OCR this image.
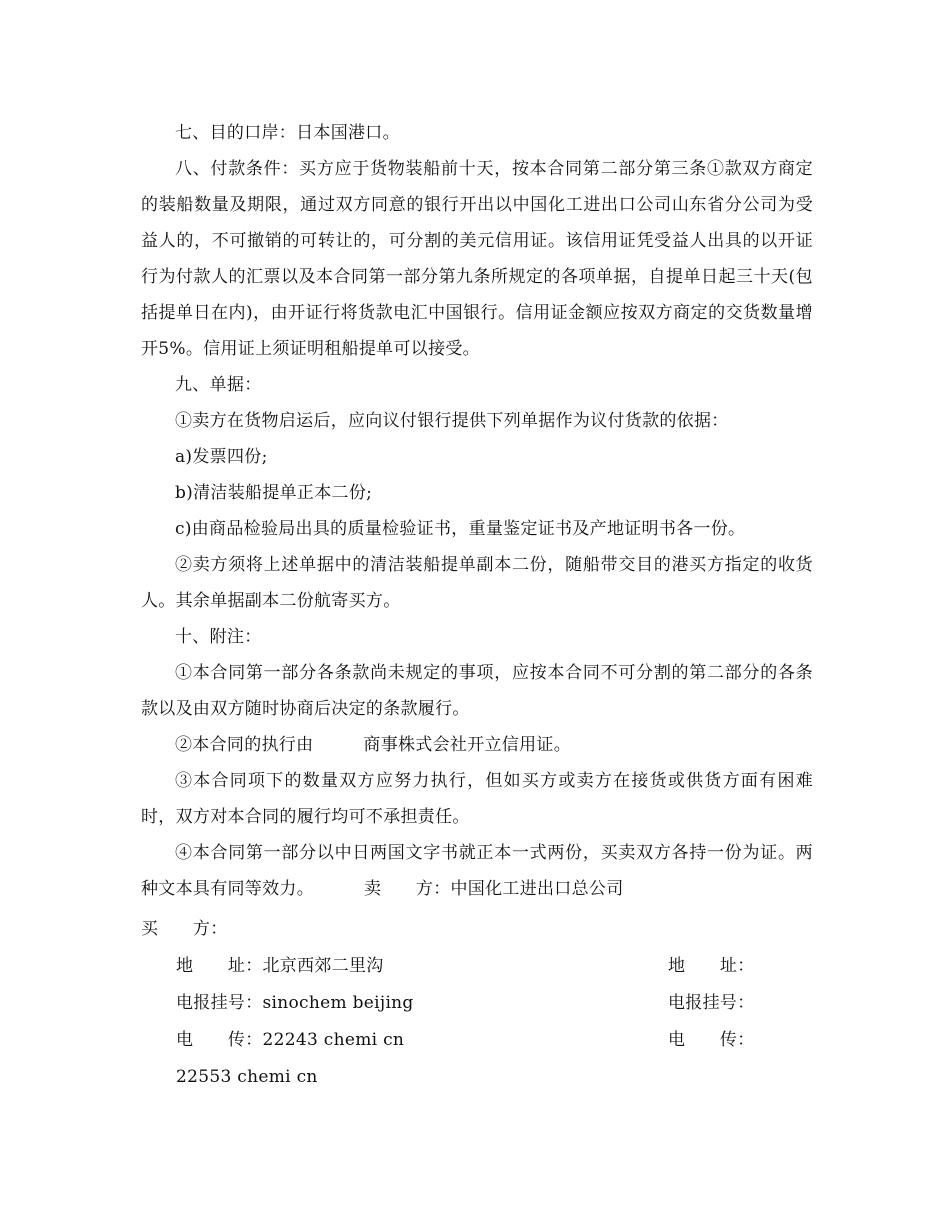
七、目的口岸：日本国港口。

八、付款条件：买方应于货物装船前十天，按本合同第二部分第三条①款双方商定的装船数量及期限，通过双方同意的银行开出以中国化工进出口公司山东省分公司为受益人的，不可撤销的可转让的，可分割的美元信用证。该信用证凭受益人出具的以开证行为付款人的汇票以及本合同第一部分第九条所规定的各项单据，自提单日起三十天(包括提单日在内)，由开证行将货款电汇中国银行。信用证金额应按双方商定的交货数量增开5%。信用证上须证明租船提单可以接受。

九、单据：

①卖方在货物启运后，应向议付银行提供下列单据作为议付货款的依据：

a)发票四份;

b)清洁装船提单正本二份;

c)由商品检验局出具的质量检验证书，重量鉴定证书及产地证明书各一份。

②卖方须将上述单据中的清洁装船提单副本二份，随船带交目的港买方指定的收货人。其余单据副本二份航寄买方。

十、附注：

①本合同第一部分各条款尚未规定的事项，应按本合同不可分割的第二部分的各条款以及由双方随时协商后决定的条款履行。

②本合同的执行由	商事株式会社开立信用证。

③本合同项下的数量双方应努力执行，但如买方或卖方在接货或供货方面有困难时，双方对本合同的履行均可不承担责任。

④本合同第一部分以中日两国文字书就正本一式两份，买卖双方各持一份为证。两种文本具有同等效力。	卖　　方：中国化工进出口总公司

买　　方：

地　　址：北京西郊二里沟	地　　址：

电报挂号：sinochem beijing	电报挂号：

电　　传：22243 chemi cn	电　　传：

22553 chemi cn
